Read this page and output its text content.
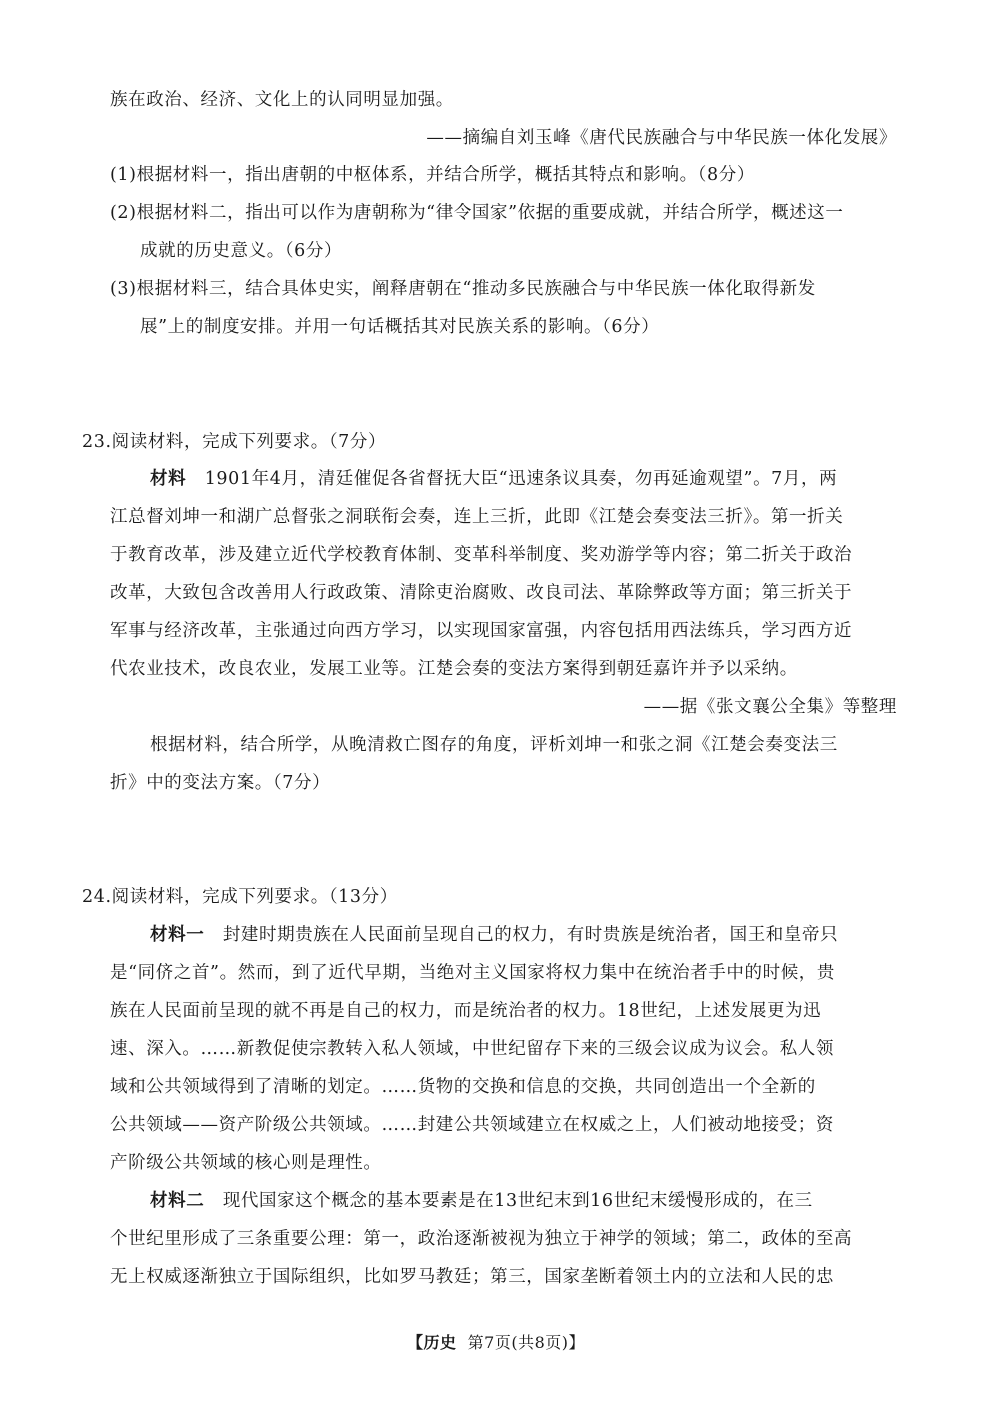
族在政治、经济、文化上的认同明显加强。
——摘编自刘玉峰《唐代民族融合与中华民族一体化发展》
(1)根据材料一，指出唐朝的中枢体系，并结合所学，概括其特点和影响。（8分）
(2)根据材料二，指出可以作为唐朝称为“律令国家”依据的重要成就，并结合所学，概述这一
成就的历史意义。（6分）
(3)根据材料三，结合具体史实，阐释唐朝在“推动多民族融合与中华民族一体化取得新发
展”上的制度安排。并用一句话概括其对民族关系的影响。（6分）
23.阅读材料，完成下列要求。（7分）
材料 1901年4月，清廷催促各省督抚大臣“迅速条议具奏，勿再延逾观望”。7月，两
江总督刘坤一和湖广总督张之洞联衔会奏，连上三折，此即《江楚会奏变法三折》。第一折关
于教育改革，涉及建立近代学校教育体制、变革科举制度、奖劝游学等内容；第二折关于政治
改革，大致包含改善用人行政政策、清除吏治腐败、改良司法、革除弊政等方面；第三折关于
军事与经济改革，主张通过向西方学习，以实现国家富强，内容包括用西法练兵，学习西方近
代农业技术，改良农业，发展工业等。江楚会奏的变法方案得到朝廷嘉许并予以采纳。
——据《张文襄公全集》等整理
根据材料，结合所学，从晚清救亡图存的角度，评析刘坤一和张之洞《江楚会奏变法三
折》中的变法方案。（7分）
24.阅读材料，完成下列要求。（13分）
材料一 封建时期贵族在人民面前呈现自己的权力，有时贵族是统治者，国王和皇帝只
是“同侪之首”。然而，到了近代早期，当绝对主义国家将权力集中在统治者手中的时候，贵
族在人民面前呈现的就不再是自己的权力，而是统治者的权力。18世纪，上述发展更为迅
速、深入。……新教促使宗教转入私人领域，中世纪留存下来的三级会议成为议会。私人领
域和公共领域得到了清晰的划定。……货物的交换和信息的交换，共同创造出一个全新的
公共领域——资产阶级公共领域。……封建公共领域建立在权威之上，人们被动地接受；资
产阶级公共领域的核心则是理性。
材料二 现代国家这个概念的基本要素是在13世纪末到16世纪末缓慢形成的，在三
个世纪里形成了三条重要公理：第一，政治逐渐被视为独立于神学的领域；第二，政体的至高
无上权威逐渐独立于国际组织，比如罗马教廷；第三，国家垄断着领土内的立法和人民的忠
【历史 第7页(共8页)】
